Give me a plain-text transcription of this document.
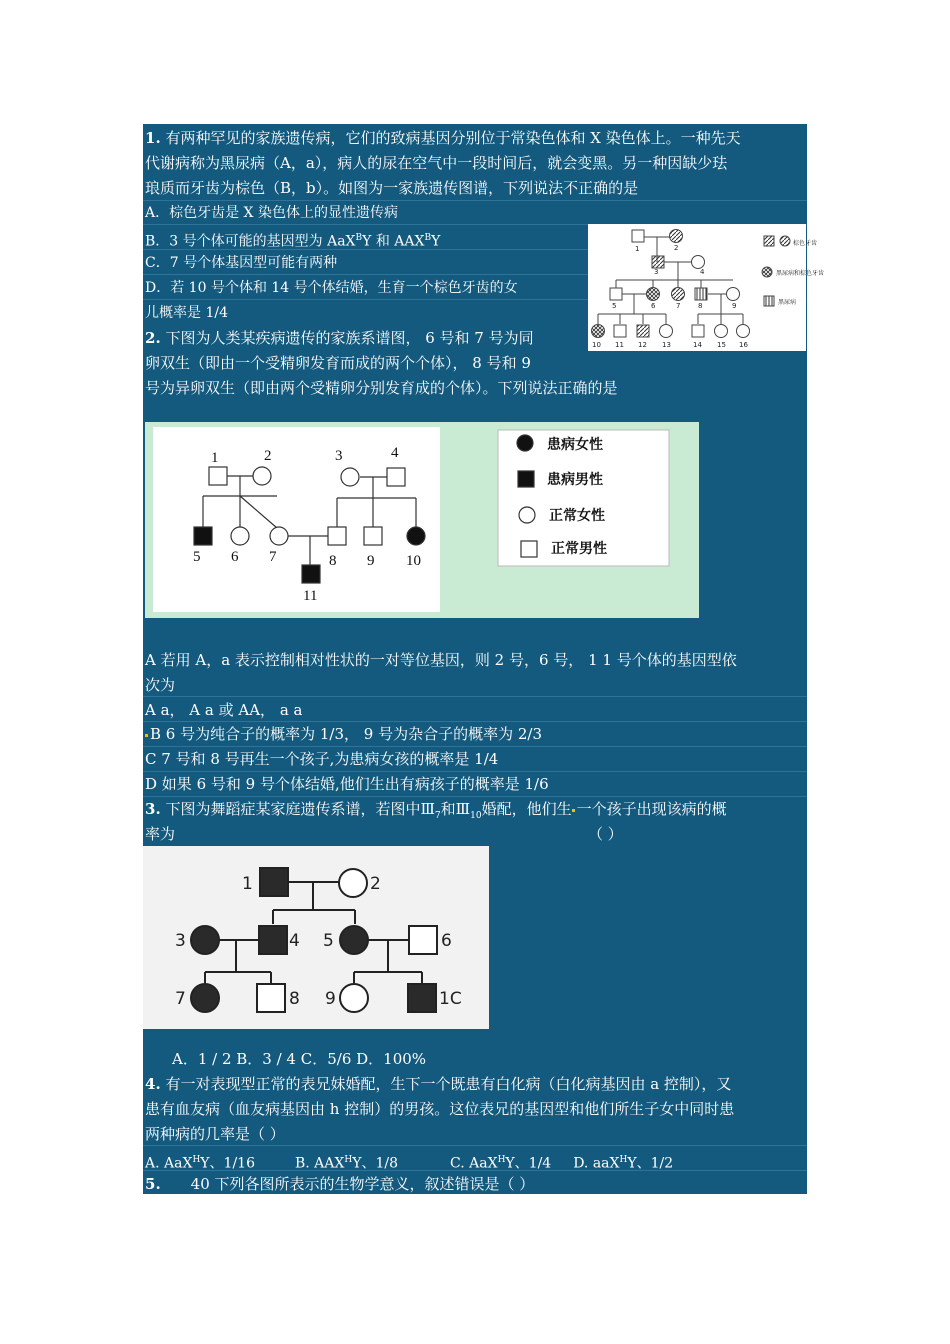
1. 有两种罕见的家族遗传病，它们的致病基因分别位于常染色体和 X 染色体上。一种先天
代谢病称为黑尿病（A，a），病人的尿在空气中一段时间后，就会变黑。另一种因缺少珐
琅质而牙齿为棕色（B，b）。如图为一家族遗传图谱，下列说法不正确的是
A．棕色牙齿是 X 染色体上的显性遗传病
B．3 号个体可能的基因型为 AaX$^B$Y 和 $AAX^BY$
C．7 号个体基因型可能有两种
D．若 10 号个体和 14 号个体结婚，生育一个棕色牙齿的女
儿概率是 1/4
1	2
3	4
5	6	7	8	9
10 11 12 13	14 15 16
棕色牙齿
黑尿病和棕色牙齿
黑尿病
2. 下图为人类某疾病遗传的家族系谱图， 6 号和 7 号为同
卵双生（即由一个受精卵发育而成的两个个体）， 8 号和 9
号为异卵双生（即由两个受精卵分别发育成的个体）。下列说法正确的是
1	2	3	4
5 6 7	8 9 10
11
患病女性
患病男性
正常女性
正常男性
A 若用 A，a 表示控制相对性状的一对等位基因，则 2 号，6 号， 1 1 号个体的基因型依
次为
A a， A a 或 AA， a a
B 6 号为纯合子的概率为 1/3， 9 号为杂合子的概率为 2/3
C 7 号和 8 号再生一个孩子,为患病女孩的概率是 1/4
D 如果 6 号和 9 号个体结婚,他们生出有病孩子的概率是 1/6
3. 下图为舞蹈症某家庭遗传系谱，若图中$Ⅲ_7$和$Ⅲ_{10}$婚配，他们生 一个孩子出现该病的概
率为	（ ）
1	2
3	4 5	6
7	8 9	1C
A．1 / 2 B．3 / 4 C．5/6 D．100%
4. 有一对表现型正常的表兄妹婚配，生下一个既患有白化病（白化病基因由 a 控制），又
患有血友病（血友病基因由 h 控制）的男孩。这位表兄的基因型和他们所生子女中同时患
两种病的几率是（ ）
A. AaX$^H$Y、1/16	B. $AAX^HY$、1/8	C. AaX$^H$Y、1/4 D. aaX$^H$Y、1/2
5. 40 下列各图所表示的生物学意义，叙述错误是（ ）
